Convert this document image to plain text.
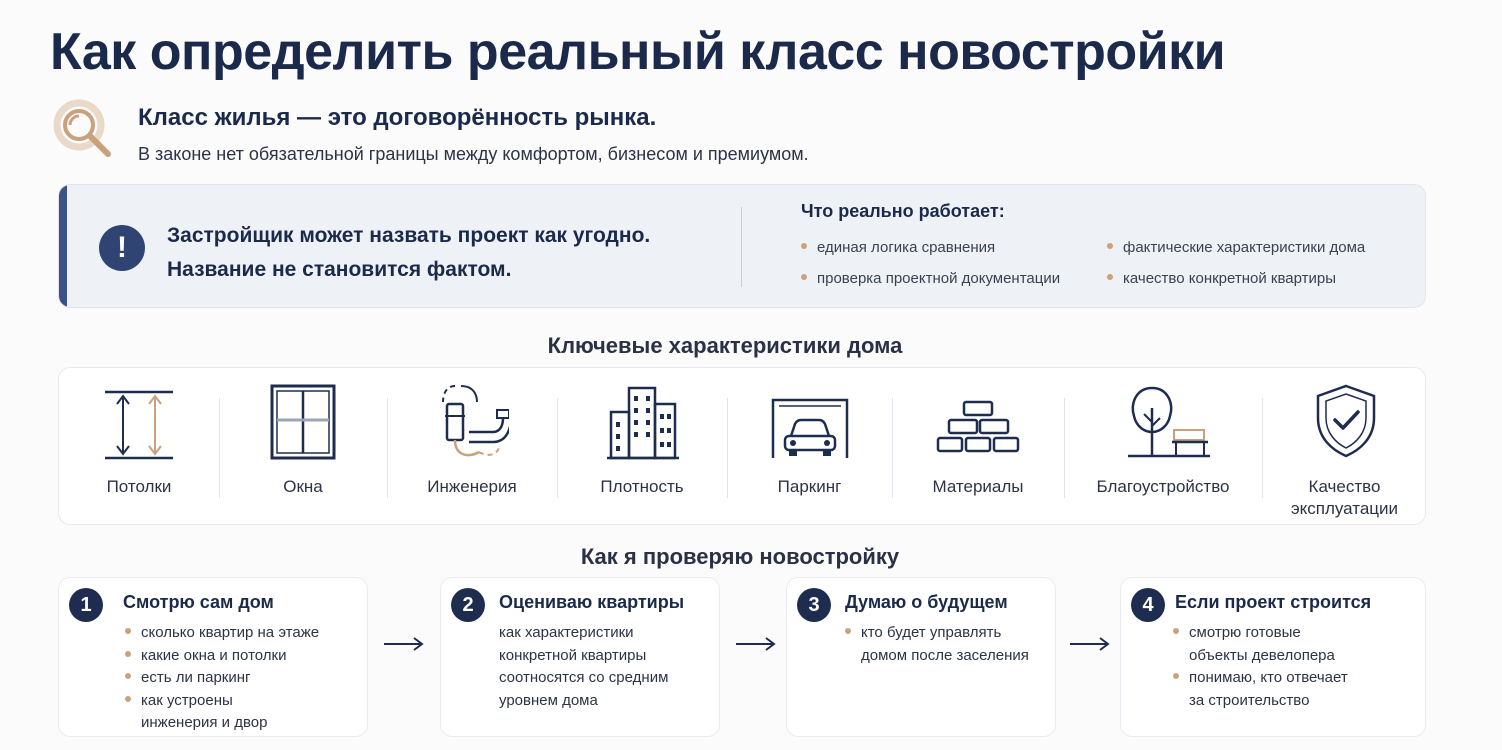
Как определить реальный класс новостройки
Класс жилья — это договорённость рынка.
В законе нет обязательной границы между комфортом, бизнесом и премиумом.
!	Застройщик может назвать проект как угодно.
Название не становится фактом.
Что реально работает:
единая логика сравнения
проверка проектной документации
фактические характеристики дома
качество конкретной квартиры
Ключевые характеристики дома
Потолки	Окна	Инженерия	Плотность	Паркинг	Материалы	Благоустройство	Качество
эксплуатации
Как я проверяю новостройку
1	Смотрю сам дом
сколько квартир на этаже
какие окна и потолки
есть ли паркинг
как устроены
инженерия и двор
2	Оцениваю квартиры
как характеристики
конкретной квартиры
соотносятся со средним
уровнем дома
3	Думаю о будущем
кто будет управлять
домом после заселения
4	Если проект строится
смотрю готовые
объекты девелопера
понимаю, кто отвечает
за строительство
